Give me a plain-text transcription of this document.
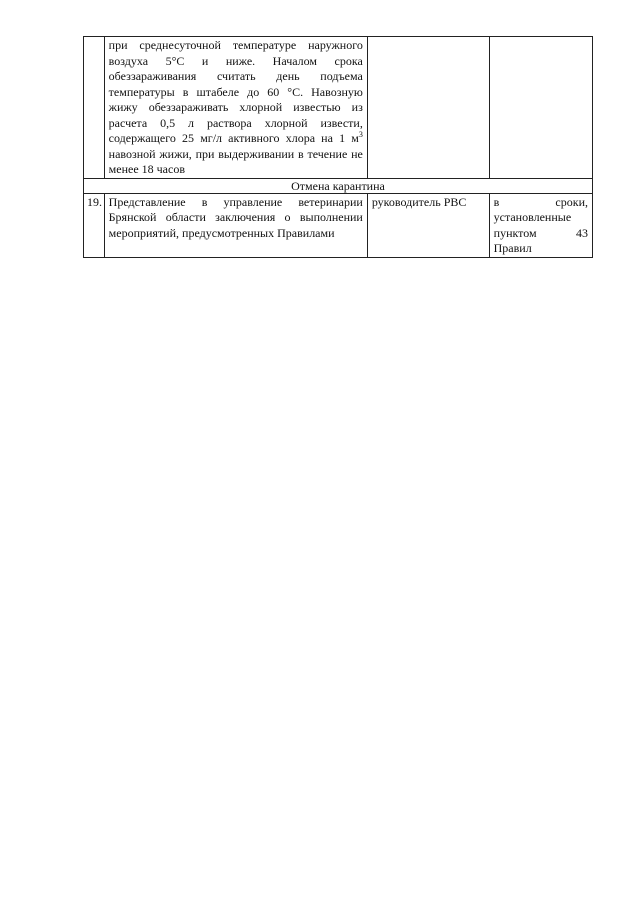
	при среднесуточной температуре наружного воздуха 5°С и ниже. Началом срока обеззараживания считать день подъема температуры в штабеле до 60 °С. Навозную жижу обеззараживать хлорной известью из расчета 0,5 л раствора хлорной извести, содержащего 25 мг/л активного хлора на 1 $м^3$ навозной жижи, при выдерживании в течение не менее 18 часов		
Отмена карантина			
19.	Представление в управление ветеринарии Брянской области заключения о выполнении мероприятий, предусмотренных Правилами	руководитель РВС	в сроки, установленные пунктом 43 Правил
